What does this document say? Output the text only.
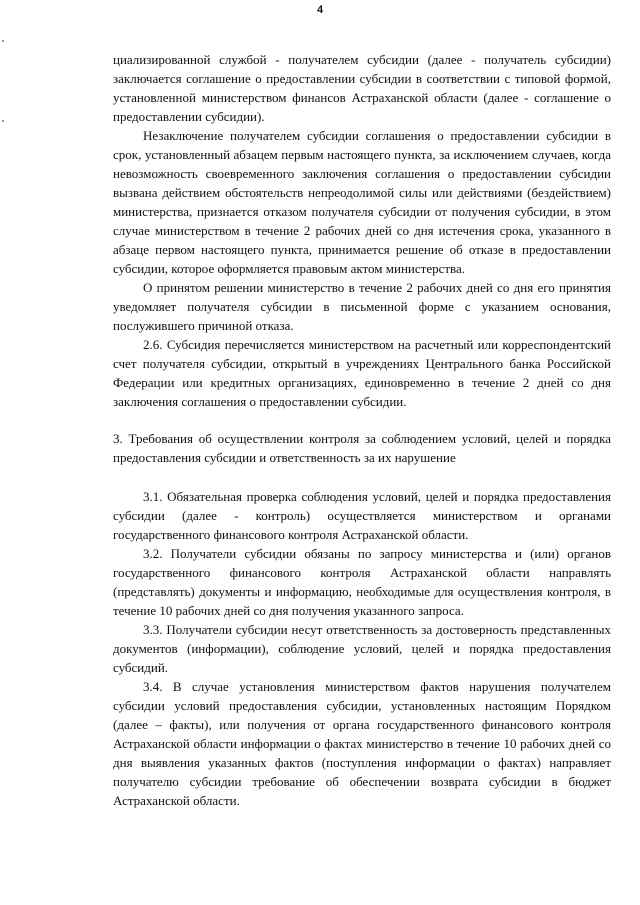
4

циализированной службой - получателем субсидии (далее - получатель субсидии) заключается соглашение о предоставлении субсидии в соответствии с типовой формой, установленной министерством финансов Астраханской области (далее - соглашение о предоставлении субсидии).

Незаключение получателем субсидии соглашения о предоставлении субсидии в срок, установленный абзацем первым настоящего пункта, за исключением случаев, когда невозможность своевременного заключения соглашения о предоставлении субсидии вызвана действием обстоятельств непреодолимой силы или действиями (бездействием) министерства, признается отказом получателя субсидии от получения субсидии, в этом случае министерством в течение 2 рабочих дней со дня истечения срока, указанного в абзаце первом настоящего пункта, принимается решение об отказе в предоставлении субсидии, которое оформляется правовым актом министерства.

О принятом решении министерство в течение 2 рабочих дней со дня его принятия уведомляет получателя субсидии в письменной форме с указанием основания, послужившего причиной отказа.

2.6. Субсидия перечисляется министерством на расчетный или корреспондентский счет получателя субсидии, открытый в учреждениях Центрального банка Российской Федерации или кредитных организациях, единовременно в течение 2 дней со дня заключения соглашения о предоставлении субсидии.

3. Требования об осуществлении контроля за соблюдением условий, целей и порядка предоставления субсидии и ответственность за их нарушение

3.1. Обязательная проверка соблюдения условий, целей и порядка предоставления субсидии (далее - контроль) осуществляется министерством и органами государственного финансового контроля Астраханской области.

3.2. Получатели субсидии обязаны по запросу министерства и (или) органов государственного финансового контроля Астраханской области направлять (представлять) документы и информацию, необходимые для осуществления контроля, в течение 10 рабочих дней со дня получения указанного запроса.

3.3. Получатели субсидии несут ответственность за достоверность представленных документов (информации), соблюдение условий, целей и порядка предоставления субсидий.

3.4. В случае установления министерством фактов нарушения получателем субсидии условий предоставления субсидии, установленных настоящим Порядком (далее – факты), или получения от органа государственного финансового контроля Астраханской области информации о фактах министерство в течение 10 рабочих дней со дня выявления указанных фактов (поступления информации о фактах) направляет получателю субсидии требование об обеспечении возврата субсидии в бюджет Астраханской области.
